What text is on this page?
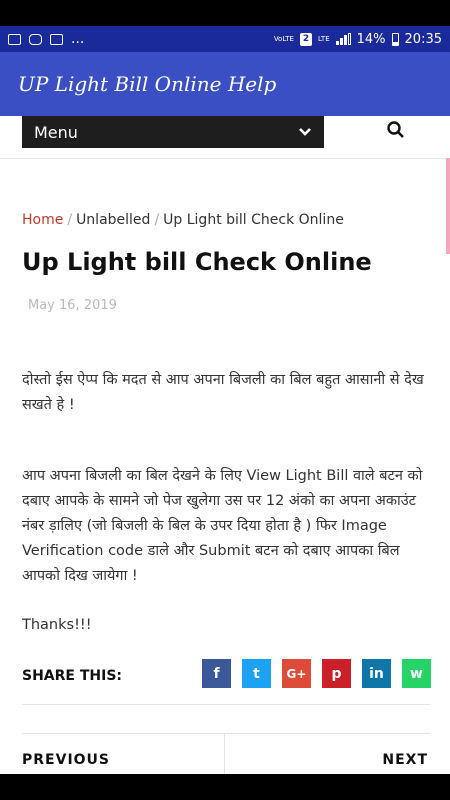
...	VoLTE 2	LTE 14% 20:35
UP Light Bill Online Help
Menu
Home / Unlabelled / Up Light bill Check Online
Up Light bill Check Online
May 16, 2019
दोस्तो ईस ऐप्प कि मदत से आप अपना बिजली का बिल बहुत आसानी से देख सखते हे !
आप अपना बिजली का बिल देखने के लिए View Light Bill वाले बटन को दबाए आपके के सामने जो पेज खुलेगा उस पर 12 अंको का अपना अकाउंट नंबर ड़ालिए (जो बिजली के बिल के उपर दिया होता है ) फिर Image Verification code डाले और Submit बटन को दबाए आपका बिल आपको दिख जायेगा !
Thanks!!!
SHARE THIS:	f t G+ p in w
PREVIOUS	NEXT
